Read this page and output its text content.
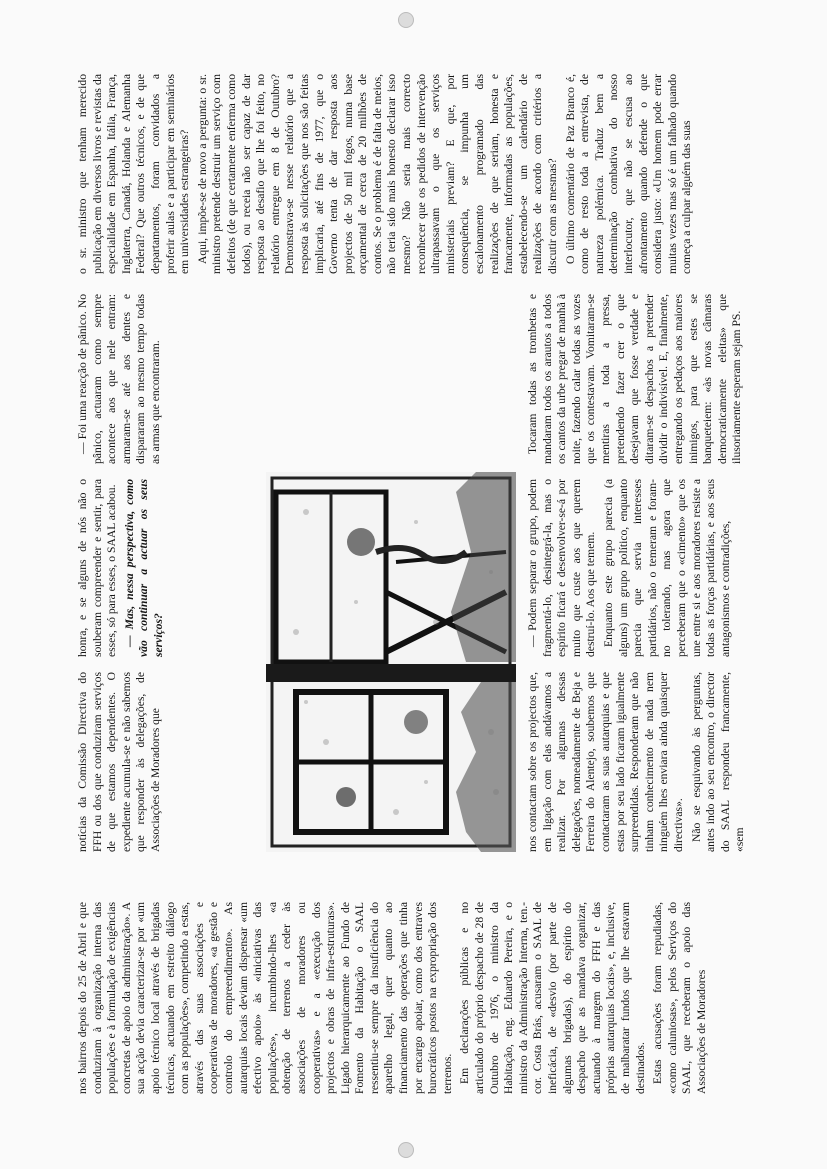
nos bairros depois do 25 de Abril e que conduziram à organização interna das populações e à formulação de exigências concretas de apoio da administração». A sua acção devia caracterizar-se por «um apoio técnico local através de brigadas técnicas, actuando em estreito diálogo com as populações», competindo a estas, através das suas associações e cooperativas de moradores, «a gestão e controlo do empreendimento». As autarquias locais deviam dispensar «um efectivo apoio» às «iniciativas das populações», incumbindo-lhes «a obtenção de terrenos a ceder às associações de moradores ou cooperativas» e a «execução dos projectos e obras de infra-estruturas». Ligado hierarquicamente ao Fundo de Fomento da Habitação o SAAL ressentiu-se sempre da insuficiência do aparelho legal, quer quanto ao financiamento das operações que tinha por encargo apoiar, como dos entraves burocráticos postos na expropriação dos terrenos. Em declarações públicas e no articulado do próprio despacho de 28 de Outubro de 1976, o ministro da Habitação, eng. Eduardo Pereira, e o ministro da Administração Interna, ten.-cor. Costa Brás, acusaram o SAAL de ineficácia, de «desvio (por parte de algumas brigadas), do espírito do despacho que as mandava organizar, actuando à margem do FFH e das próprias autarquias locais», e, inclusive, de malbaratar fundos que lhe estavam destinados. Estas acusações foram repudiadas, «como caluniosas», pelos Serviços do SAAL, que receberam o apoio das Associações de Moradores

notícias da Comissão Directiva do FFH ou dos que conduziram serviços de que estamos dependentes. O expediente acumula-se e não sabemos que responder às delegações, de Associações de Moradores que

honra, e se alguns de nós não o souberam compreender e sentir, para esses, só para esses, o SAAL acabou. — Mas, nessa perspectiva, como vão continuar a actuar os seus serviços?

— Foi uma reacção de pânico. No pânico, actuaram como sempre acontece aos que nele entram: armaram-se até aos dentes e dispararam ao mesmo tempo todas as armas que encontraram.

nos contactam sobre os projectos que, em ligação com elas andávamos a realizar. Por algumas dessas delegações, nomeadamente de Beja e Ferreira do Alentejo, soubemos que contactaram as suas autarquias e que estas por seu lado ficaram igualmente surpreendidas. Responderam que não tinham conhecimento de nada nem ninguém lhes enviara ainda quaisquer directivas». Não se esquivando às perguntas, antes indo ao seu encontro, o director do SAAL respondeu francamente, «sem

— Podem separar o grupo, podem fragmentá-lo, desintegrá-la, mas o espírito ficará e desenvolver-se-á por muito que custe aos que querem destruí-lo. Aos que temem. Enquanto este grupo parecia (a alguns) um grupo político, enquanto parecia que servia interesses partidários, não o temeram e foram-no tolerando, mas agora que perceberam que o «cimento» que os une entre si e aos moradores resiste a todas as forças partidárias, e aos seus antagonismos e contradições,

Tocaram todas as trombetas e mandaram todos os arautos a todos os cantos da urbe pregar de manhã à noite, fazendo calar todas as vozes que os contestavam. Vomitaram-se mentiras a toda a pressa, pretendendo fazer crer o que desejavam que fosse verdade e ditaram-se despachos a pretender dividir o indivisível. E, finalmente, entregando os pedaços aos maiores inimigos, para que estes se banqueteiem: «às novas câmaras democraticamente eleitas» que ilusoriamente esperam sejam PS.

o sr. ministro que tenham merecido publicação em diversos livros e revistas da especialidade em Espanha, Itália, França, Inglaterra, Canadá, Holanda e Alemanha Federal? Que outros técnicos, e de que departamentos, foram convidados a proferir aulas e a participar em seminários em universidades estrangeiras? Aqui, impõe-se de novo a pergunta: o sr. ministro pretende destruir um serviço com defeitos (de que certamente enferma como todos), ou receia não ser capaz de dar resposta ao desafio que lhe foi feito, no relatório entregue em 8 de Outubro? Demonstrava-se nesse relatório que a resposta às solicitações que nos são feitas implicaria, até fins de 1977, que o Governo tenta de dar resposta aos projectos de 50 mil fogos, numa base orçamental de cerca de 20 milhões de contos. Se o problema é de falta de meios, não teria sido mais honesto declarar isso mesmo? Não seria mais correcto reconhecer que os pedidos de intervenção ultrapassavam o que os serviços ministeriais previam? E que, por consequência, se impunha um escalonamento programado das realizações de que seriam, honesta e francamente, informadas as populações, estabelecendo-se um calendário de realizações de acordo com critérios a discutir com as mesmas? O último comentário de Paz Branco é, como de resto toda a entrevista, de natureza polémica. Traduz bem a determinação combativa do nosso interlocutor, que não se escusa ao afrontamento quando defende o que considera justo: «Um homem pode errar muitas vezes mas só é um falhado quando começa a culpar alguém das suas
